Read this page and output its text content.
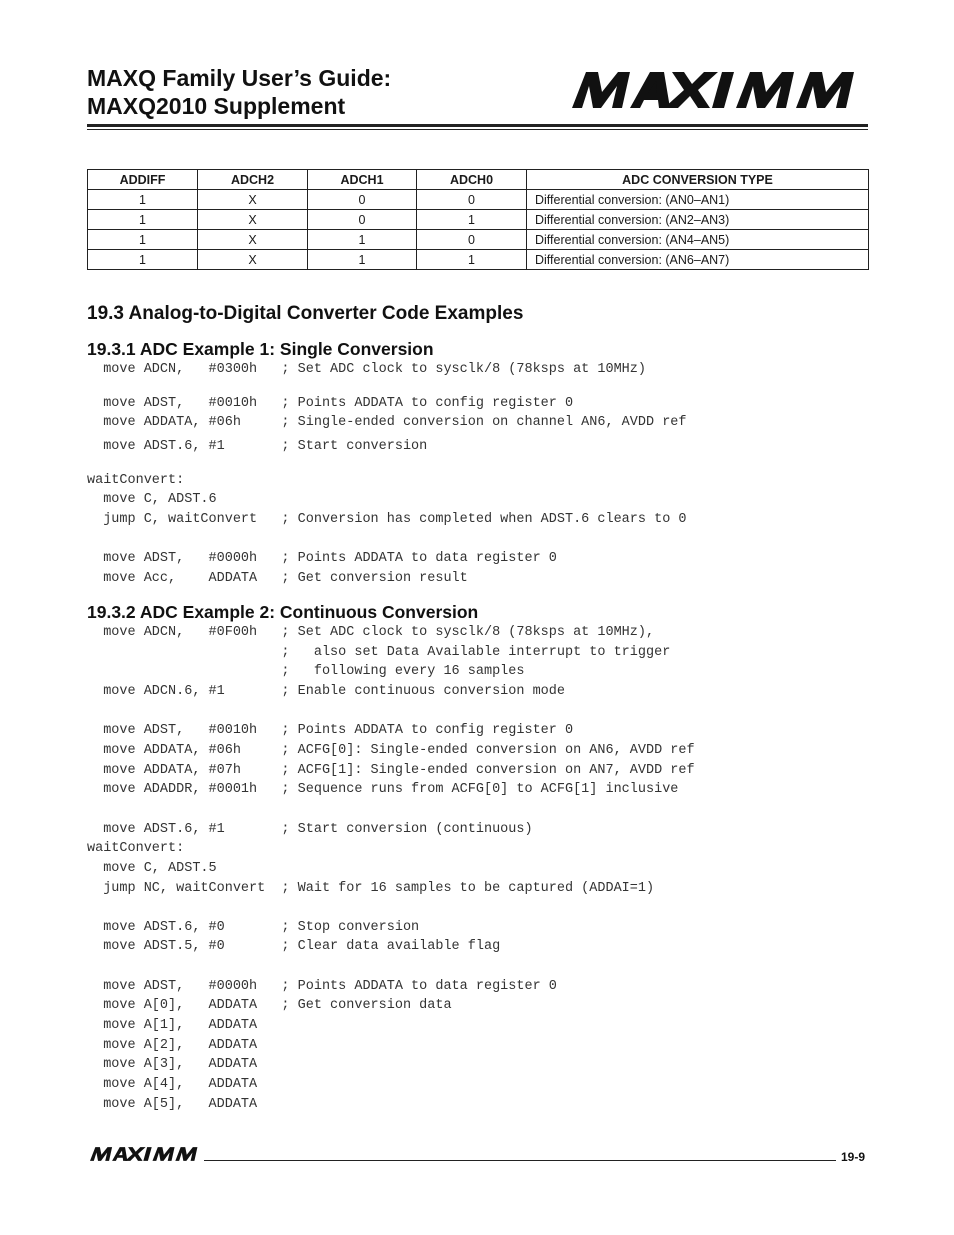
MAXQ Family User’s Guide:
MAXQ2010 Supplement
ADDIFF	ADCH2	ADCH1	ADCH0	ADC CONVERSION TYPE
1	X	0	0	Differential conversion: (AN0–AN1)
1	X	0	1	Differential conversion: (AN2–AN3)
1	X	1	0	Differential conversion: (AN4–AN5)
1	X	1	1	Differential conversion: (AN6–AN7)
19.3 Analog-to-Digital Converter Code Examples
19.3.1 ADC Example 1: Single Conversion

move ADCN,   #0300h   ; Set ADC clock to sysclk/8 (78ksps at 10MHz)

move ADST,   #0010h   ; Points ADDATA to config register 0

move ADDATA, #06h     ; Single-ended conversion on channel AN6, AVDD ref

move ADST.6, #1       ; Start conversion

waitConvert:

move C, ADST.6

jump C, waitConvert   ; Conversion has completed when ADST.6 clears to 0

move ADST,   #0000h   ; Points ADDATA to data register 0

move Acc,    ADDATA   ; Get conversion result

19.3.2 ADC Example 2: Continuous Conversion

move ADCN,   #0F00h   ; Set ADC clock to sysclk/8 (78ksps at 10MHz),

;   also set Data Available interrupt to trigger

;   following every 16 samples

move ADCN.6, #1       ; Enable continuous conversion mode

move ADST,   #0010h   ; Points ADDATA to config register 0

move ADDATA, #06h     ; ACFG[0]: Single-ended conversion on AN6, AVDD ref

move ADDATA, #07h     ; ACFG[1]: Single-ended conversion on AN7, AVDD ref

move ADADDR, #0001h   ; Sequence runs from ACFG[0] to ACFG[1] inclusive

move ADST.6, #1       ; Start conversion (continuous)

waitConvert:

move C, ADST.5

jump NC, waitConvert  ; Wait for 16 samples to be captured (ADDAI=1)

move ADST.6, #0       ; Stop conversion

move ADST.5, #0       ; Clear data available flag

move ADST,   #0000h   ; Points ADDATA to data register 0

move A[0],   ADDATA   ; Get conversion data

move A[1],   ADDATA

move A[2],   ADDATA

move A[3],   ADDATA

move A[4],   ADDATA

move A[5],   ADDATA

19-9
